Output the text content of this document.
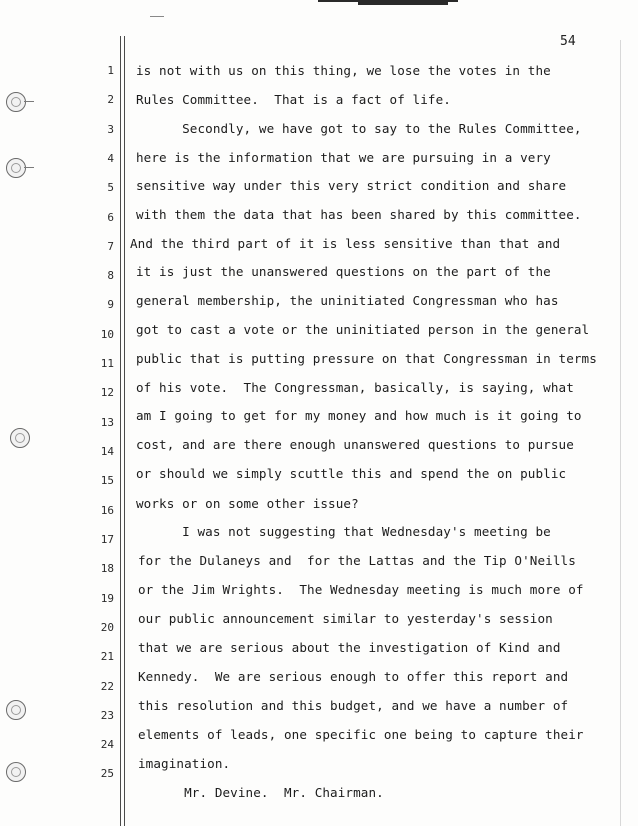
54
1
2
3
4
5
6
7
8
9
10
11
12
13
14
15
16
17
18
19
20
21
22
23
24
25
is not with us on this thing, we lose the votes in the
Rules Committee.  That is a fact of life.
Secondly, we have got to say to the Rules Committee,
here is the information that we are pursuing in a very
sensitive way under this very strict condition and share
with them the data that has been shared by this committee.
And the third part of it is less sensitive than that and
it is just the unanswered questions on the part of the
general membership, the uninitiated Congressman who has
got to cast a vote or the uninitiated person in the general
public that is putting pressure on that Congressman in terms
of his vote.  The Congressman, basically, is saying, what
am I going to get for my money and how much is it going to
cost, and are there enough unanswered questions to pursue
or should we simply scuttle this and spend the on public
works or on some other issue?
I was not suggesting that Wednesday's meeting be
for the Dulaneys and  for the Lattas and the Tip O'Neills
or the Jim Wrights.  The Wednesday meeting is much more of
our public announcement similar to yesterday's session
that we are serious about the investigation of Kind and
Kennedy.  We are serious enough to offer this report and
this resolution and this budget, and we have a number of
elements of leads, one specific one being to capture their
imagination.
Mr. Devine.  Mr. Chairman.
